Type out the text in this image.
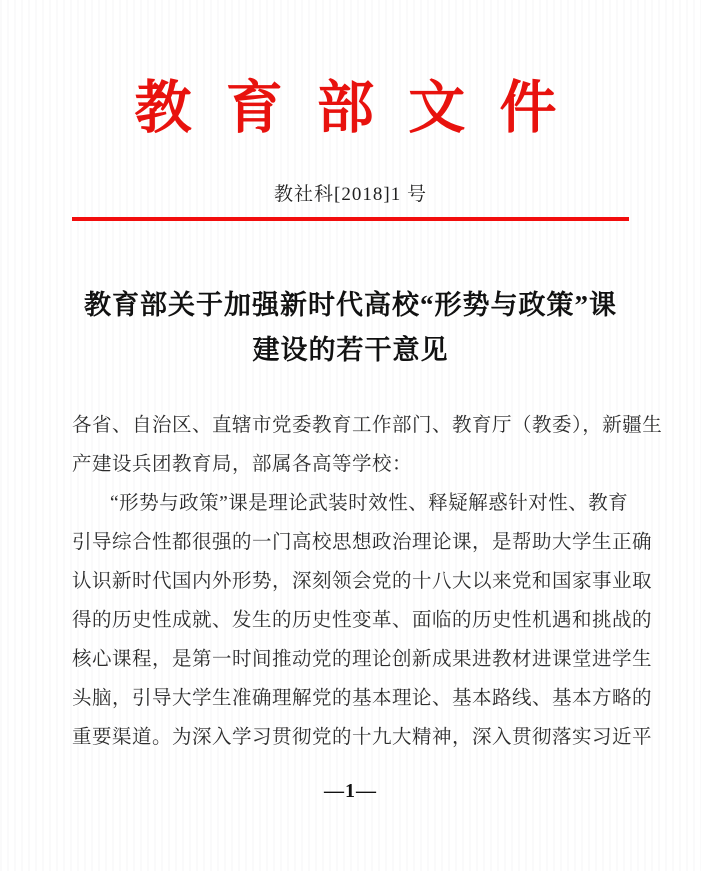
教 育 部 文 件
教社科[2018]1 号
教育部关于加强新时代高校“形势与政策”课
建设的若干意见
各省、自治区、直辖市党委教育工作部门、教育厅（教委），新疆生
产建设兵团教育局，部属各高等学校：
“形势与政策”课是理论武装时效性、释疑解惑针对性、教育
引导综合性都很强的一门高校思想政治理论课，是帮助大学生正确
认识新时代国内外形势，深刻领会党的十八大以来党和国家事业取
得的历史性成就、发生的历史性变革、面临的历史性机遇和挑战的
核心课程，是第一时间推动党的理论创新成果进教材进课堂进学生
头脑，引导大学生准确理解党的基本理论、基本路线、基本方略的
重要渠道。为深入学习贯彻党的十九大精神，深入贯彻落实习近平
—1—
